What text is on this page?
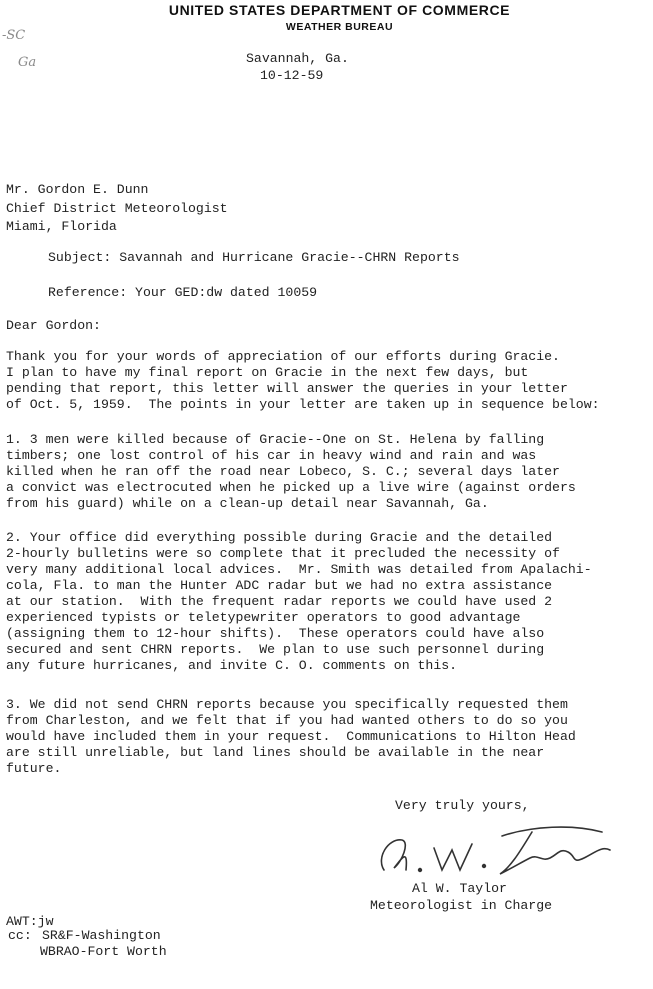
UNITED STATES DEPARTMENT OF COMMERCE
WEATHER BUREAU
-SC
Ga	Savannah, Ga.
10-12-59
Mr. Gordon E. Dunn
Chief District Meteorologist
Miami, Florida
Subject: Savannah and Hurricane Gracie--CHRN Reports
Reference: Your GED:dw dated 10059
Dear Gordon:
Thank you for your words of appreciation of our efforts during Gracie.
I plan to have my final report on Gracie in the next few days, but
pending that report, this letter will answer the queries in your letter
of Oct. 5, 1959.  The points in your letter are taken up in sequence below:
1. 3 men were killed because of Gracie--One on St. Helena by falling
timbers; one lost control of his car in heavy wind and rain and was
killed when he ran off the road near Lobeco, S. C.; several days later
a convict was electrocuted when he picked up a live wire (against orders
from his guard) while on a clean-up detail near Savannah, Ga.
2. Your office did everything possible during Gracie and the detailed
2-hourly bulletins were so complete that it precluded the necessity of
very many additional local advices.  Mr. Smith was detailed from Apalachi-
cola, Fla. to man the Hunter ADC radar but we had no extra assistance
at our station.  With the frequent radar reports we could have used 2
experienced typists or teletypewriter operators to good advantage
(assigning them to 12-hour shifts).  These operators could have also
secured and sent CHRN reports.  We plan to use such personnel during
any future hurricanes, and invite C. O. comments on this.
3. We did not send CHRN reports because you specifically requested them
from Charleston, and we felt that if you had wanted others to do so you
would have included them in your request.  Communications to Hilton Head
are still unreliable, but land lines should be available in the near
future.
Very truly yours,
Al W. Taylor
Meteorologist in Charge
AWT:jw
cc: SR&F-Washington
WBRAO-Fort Worth
